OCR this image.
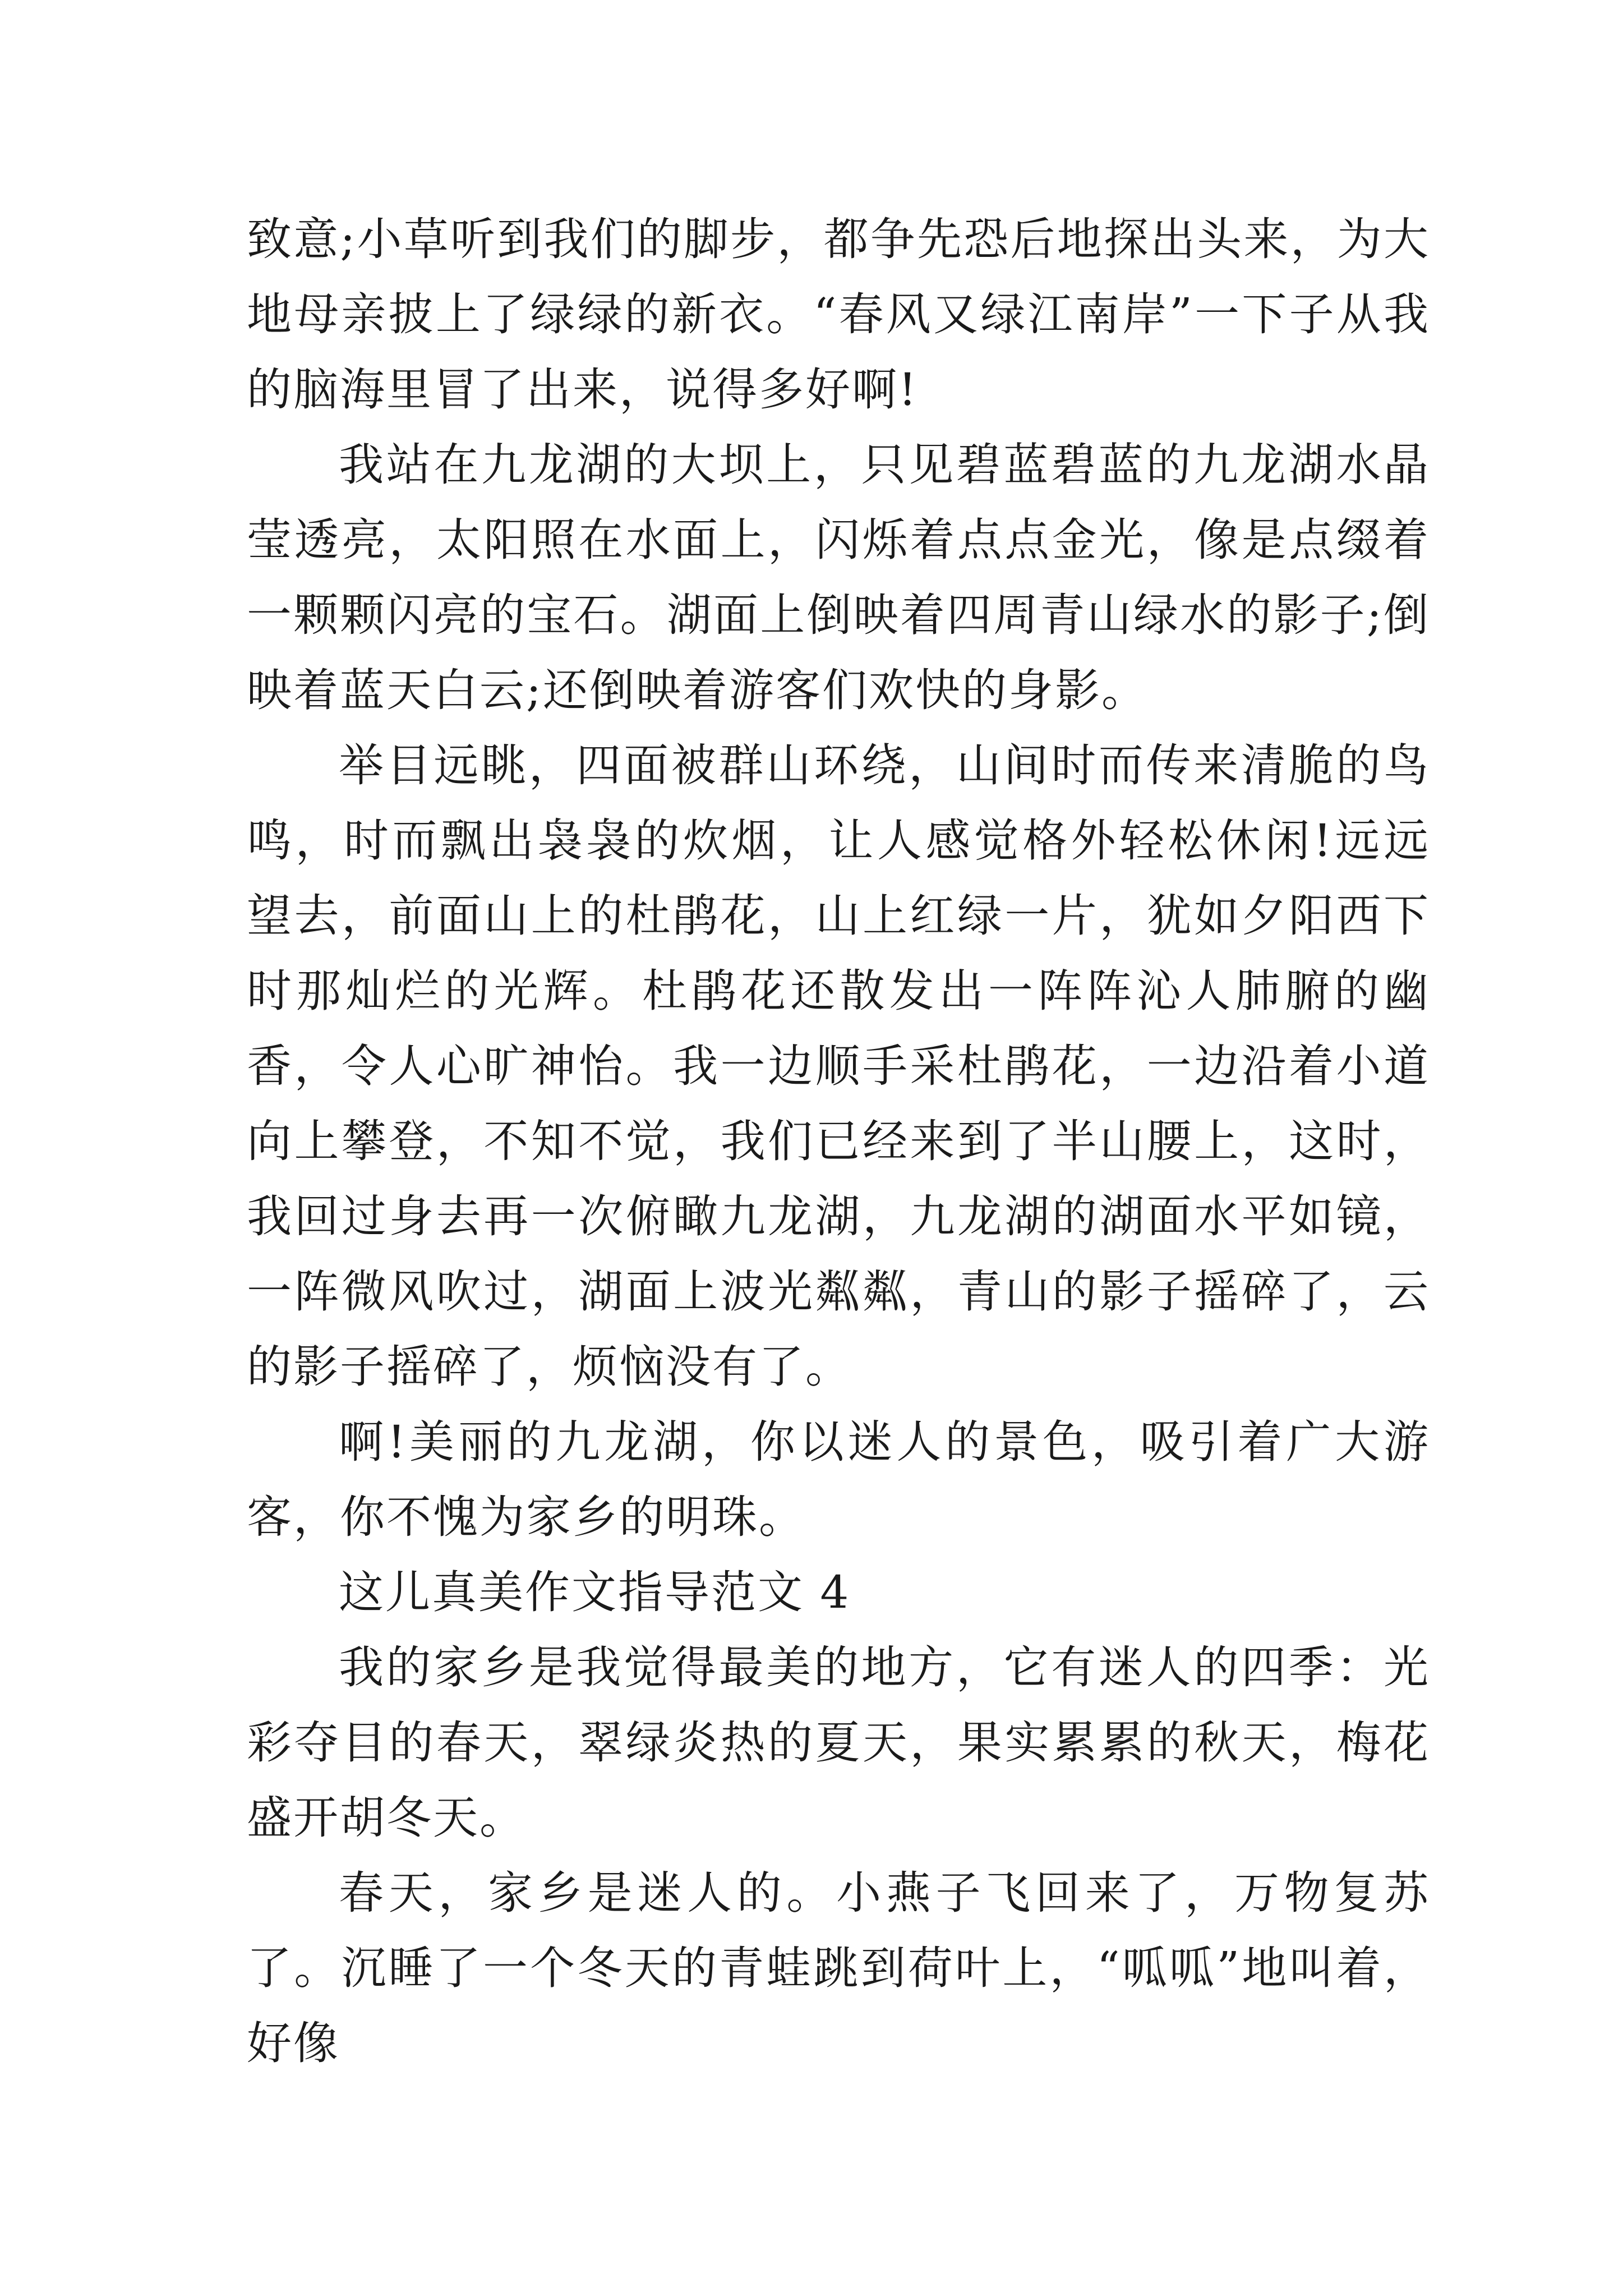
致意;小草听到我们的脚步，都争先恐后地探出头来，为大地母亲披上了绿绿的新衣。“春风又绿江南岸”一下子从我的脑海里冒了出来，说得多好啊!

我站在九龙湖的大坝上，只见碧蓝碧蓝的九龙湖水晶莹透亮，太阳照在水面上，闪烁着点点金光，像是点缀着一颗颗闪亮的宝石。湖面上倒映着四周青山绿水的影子;倒映着蓝天白云;还倒映着游客们欢快的身影。

举目远眺，四面被群山环绕，山间时而传来清脆的鸟鸣，时而飘出袅袅的炊烟，让人感觉格外轻松休闲!远远望去，前面山上的杜鹃花，山上红绿一片，犹如夕阳西下时那灿烂的光辉。杜鹃花还散发出一阵阵沁人肺腑的幽香，令人心旷神怡。我一边顺手采杜鹃花，一边沿着小道向上攀登，不知不觉，我们已经来到了半山腰上，这时，我回过身去再一次俯瞰九龙湖，九龙湖的湖面水平如镜，一阵微风吹过，湖面上波光粼粼，青山的影子摇碎了，云的影子摇碎了，烦恼没有了。

啊!美丽的九龙湖，你以迷人的景色，吸引着广大游客，你不愧为家乡的明珠。

这儿真美作文指导范文 4

我的家乡是我觉得最美的地方，它有迷人的四季：光彩夺目的春天，翠绿炎热的夏天，果实累累的秋天，梅花盛开胡冬天。

春天，家乡是迷人的。小燕子飞回来了，万物复苏了。沉睡了一个冬天的青蛙跳到荷叶上，“呱呱”地叫着，好像
